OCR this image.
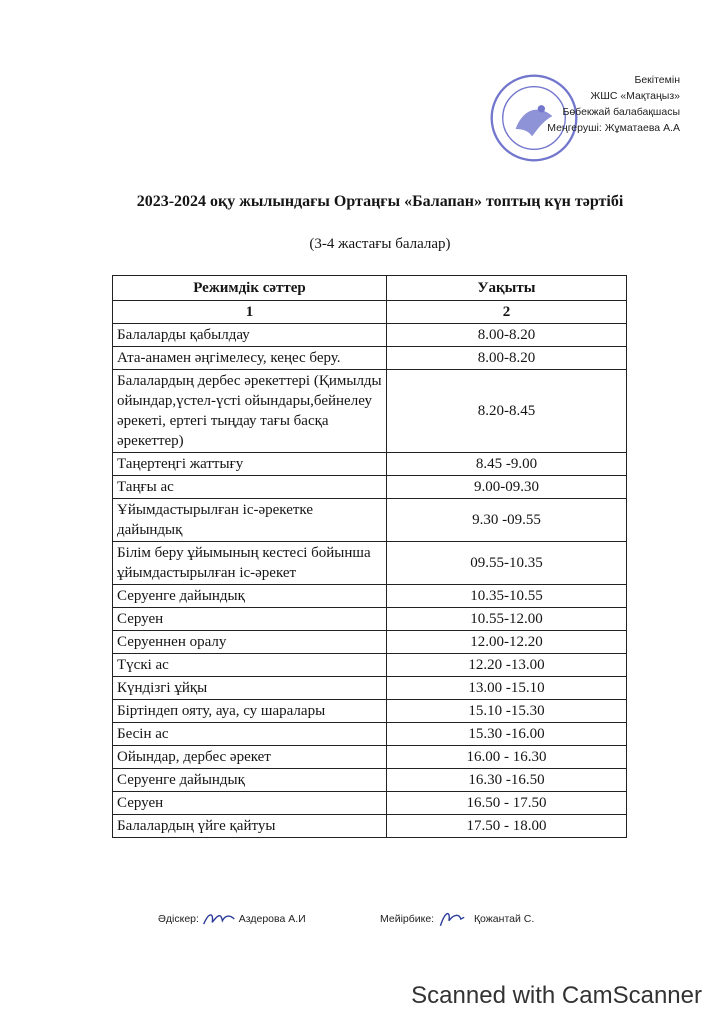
Бекітемін
ЖШС «Мақтаңыз»
Бөбекжай балабақшасы
Меңгерушi: Жұматаева А.А
2023-2024 оқу жылындағы Ортаңғы «Балапан» топтың күн тәртібі
(3-4 жастағы балалар)
Режимдік сәттер	Уақыты
1	2
Балаларды қабылдау	8.00-8.20
Ата-анамен әңгімелесу, кеңес беру.	8.00-8.20
Балалардың дербес әрекеттері (Қимылды ойындар,үстел-үсті ойындары,бейнелеу әрекеті, ертегі тыңдау тағы басқа әрекеттер)	8.20-8.45
Таңертеңгі жаттығу	8.45 -9.00
Таңғы ас	9.00-09.30
Ұйымдастырылған іс-әрекетке дайындық	9.30 -09.55
Білім беру ұйымының кестесі бойынша ұйымдастырылған іс-әрекет	09.55-10.35
Серуенге дайындық	10.35-10.55
Серуен	10.55-12.00
Серуеннен оралу	12.00-12.20
Түскі ас	12.20 -13.00
Күндізгі ұйқы	13.00 -15.10
Біртіндеп ояту, ауа, су шаралары	15.10 -15.30
Бесін ас	15.30 -16.00
Ойындар, дербес әрекет	16.00 - 16.30
Серуенге дайындық	16.30 -16.50
Серуен	16.50 - 17.50
Балалардың үйге қайтуы	17.50 - 18.00
Әдіскер:	Аздерова А.И	Мейірбике:	Қожантай С.
Scanned with CamScanner
